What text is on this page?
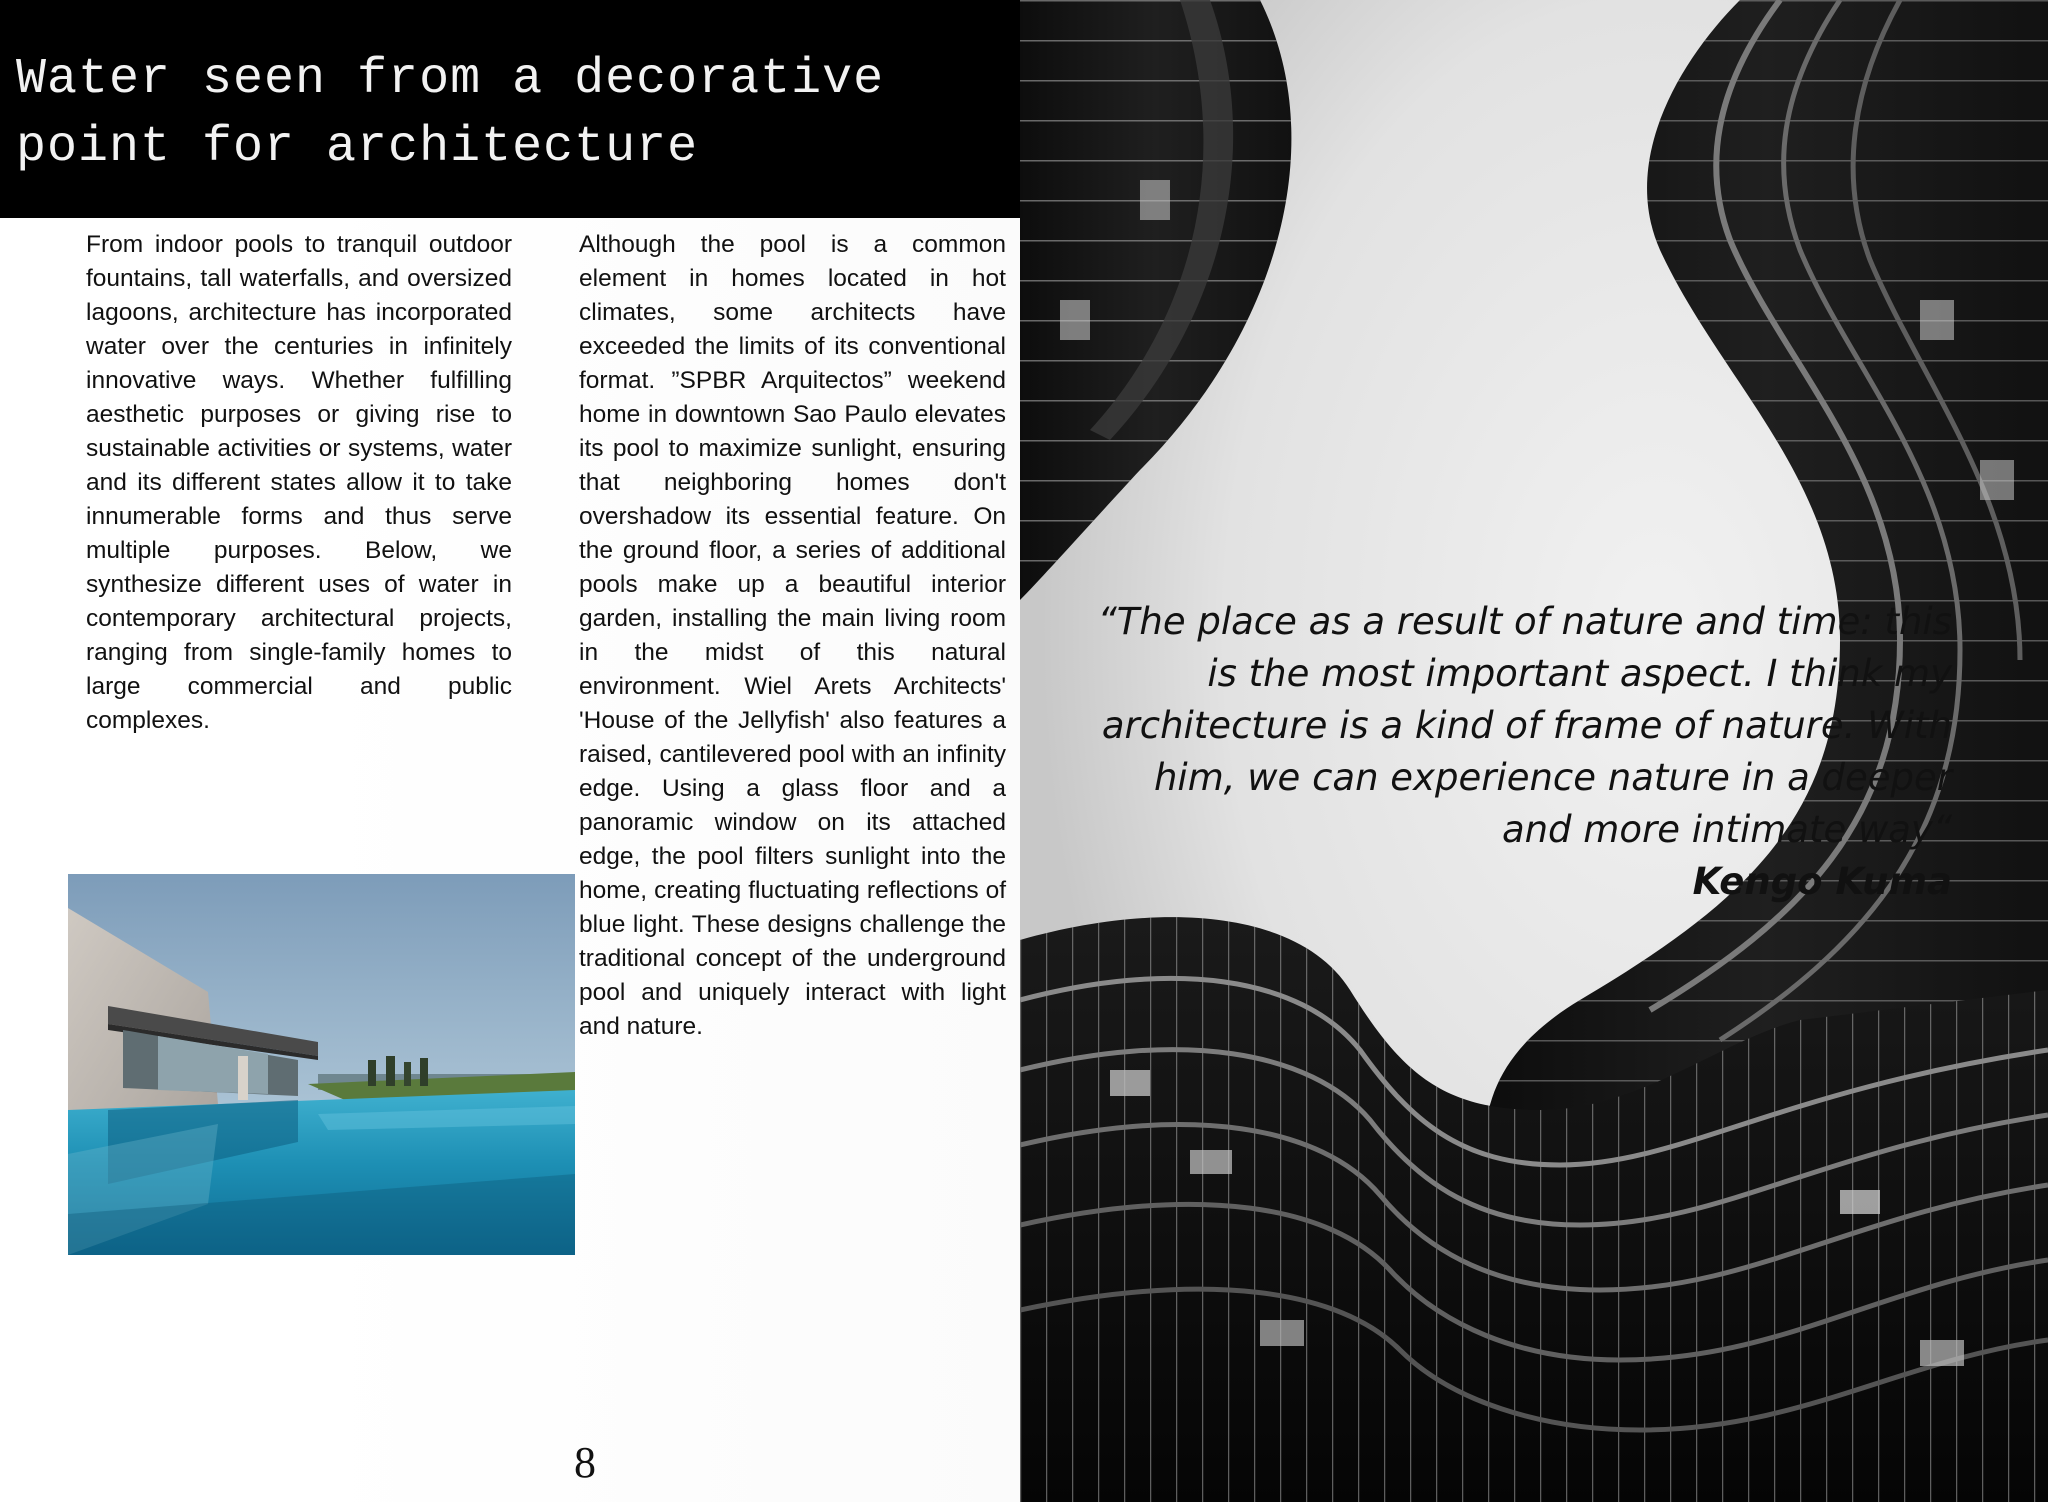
Water seen from a decorative point for architecture

From indoor pools to tranquil outdoor fountains, tall waterfalls, and oversized lagoons, architecture has incorporated water over the centuries in infinitely innovative ways. Whether fulfilling aesthetic purposes or giving rise to sustainable activities or systems, water and its different states allow it to take innumerable forms and thus serve multiple purposes. Below, we synthesize different uses of water in contemporary architectural projects, ranging from single-family homes to large commercial and public complexes.

Although the pool is a common element in homes located in hot climates, some architects have exceeded the limits of its conventional format. ”SPBR Arquitectos” weekend home in downtown Sao Paulo elevates its pool to maximize sunlight, ensuring that neighboring homes don't overshadow its essential feature. On the ground floor, a series of additional pools make up a beautiful interior garden, installing the main living room in the midst of this natural environment. Wiel Arets Architects' 'House of the Jellyfish' also features a raised, cantilevered pool with an infinity edge. Using a glass floor and a panoramic window on its attached edge, the pool filters sunlight into the home, creating fluctuating reflections of blue light. These designs challenge the traditional concept of the underground pool and uniquely interact with light and nature.

8

“The place as a result of nature and time: this is the most important aspect. I think my architecture is a kind of frame of nature. With him, we can experience nature in a deeper and more intimate way“

Kengo Kuma
